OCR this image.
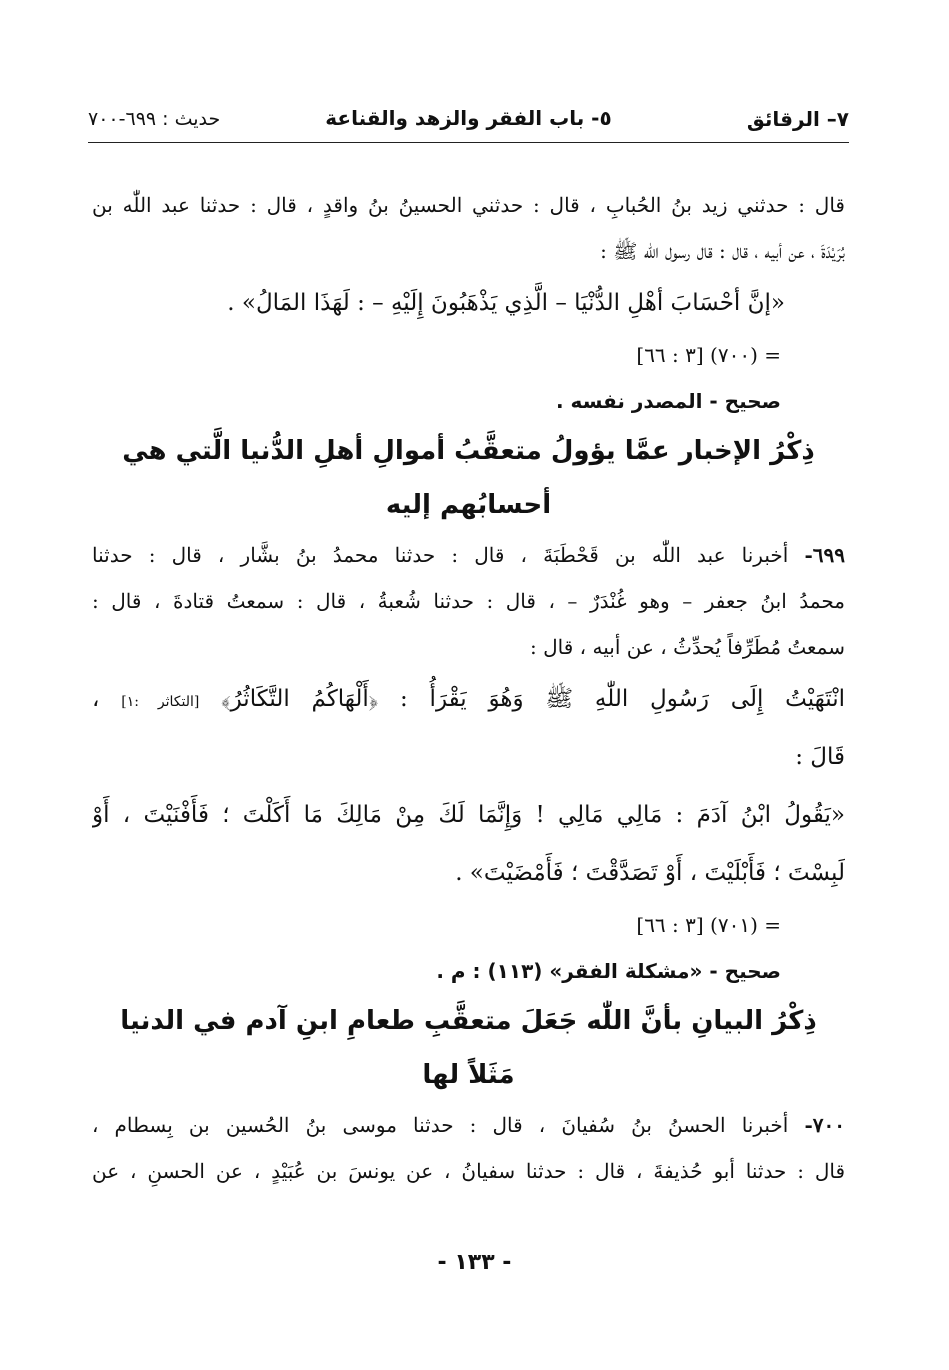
٧– الرقائق
٥- باب الفقر والزهد والقناعة
حديث : ٦٩٩-٧٠٠
قال : حدثني زيد بنُ الحُبابِ ، قال : حدثني الحسينُ بنُ واقدٍ ، قال : حدثنا عبد اللّٰه بن
بُرَيْدَةَ ، عن أبيه ، قال : قال رسول اللّٰه ﷺ :
«إنَّ أحْسَابَ أهْلِ الدُّنْيَا – الَّذِي يَذْهَبُونَ إِلَيْهِ – : لَهَذَا المَالُ» .
= (٧٠٠) [٣ : ٦٦]
صحيح - المصدر نفسه .
ذِكْرُ الإخبار عمَّا يؤولُ متعقَّبُ أموالِ أهلِ الدُّنيا الَّتي هي
أحسابُهم إليه
٦٩٩- أخبرنا عبد اللّٰه بن قَحْطَبَةَ ، قال : حدثنا محمدُ بنُ بشَّار ، قال : حدثنا
محمدُ ابنُ جعفر – وهو غُنْدَرٌ – ، قال : حدثنا شُعبةُ ، قال : سمعتُ قتادةَ ، قال :
سمعتُ مُطَرِّفاً يُحدِّثُ ، عن أبيه ، قال :
انْتَهَيْتُ إِلَى رَسُولِ اللّٰهِ ﷺ وَهُوَ يَقْرَأُ : ﴿أَلْهَاكُمُ التَّكَاثُرُ﴾ [التكاثر :١] ،
قَالَ :
«يَقُولُ ابْنُ آدَمَ : مَالِي مَالِي ! وَإِنَّمَا لَكَ مِنْ مَالِكَ مَا أَكَلْتَ ؛ فَأَفْنَيْتَ ، أَوْ
لَبِسْتَ ؛ فَأَبْلَيْتَ ، أَوْ تَصَدَّقْتَ ؛ فَأَمْضَيْتَ» .
= (٧٠١) [٣ : ٦٦]
صحيح - «مشكلة الفقر» (١١٣) : م .
ذِكْرُ البيانِ بأنَّ اللّٰه جَعَلَ متعقَّبِ طعامِ ابنِ آدم في الدنيا
مَثَلاً لها
٧٠٠- أخبرنا الحسنُ بنُ سُفيانَ ، قال : حدثنا موسى بنُ الحُسين بن بِسطام ،
قال : حدثنا أبو حُذيفةَ ، قال : حدثنا سفيانُ ، عن يونسَ بن عُبَيْدٍ ، عن الحسنِ ، عن
- ١٣٣ -
